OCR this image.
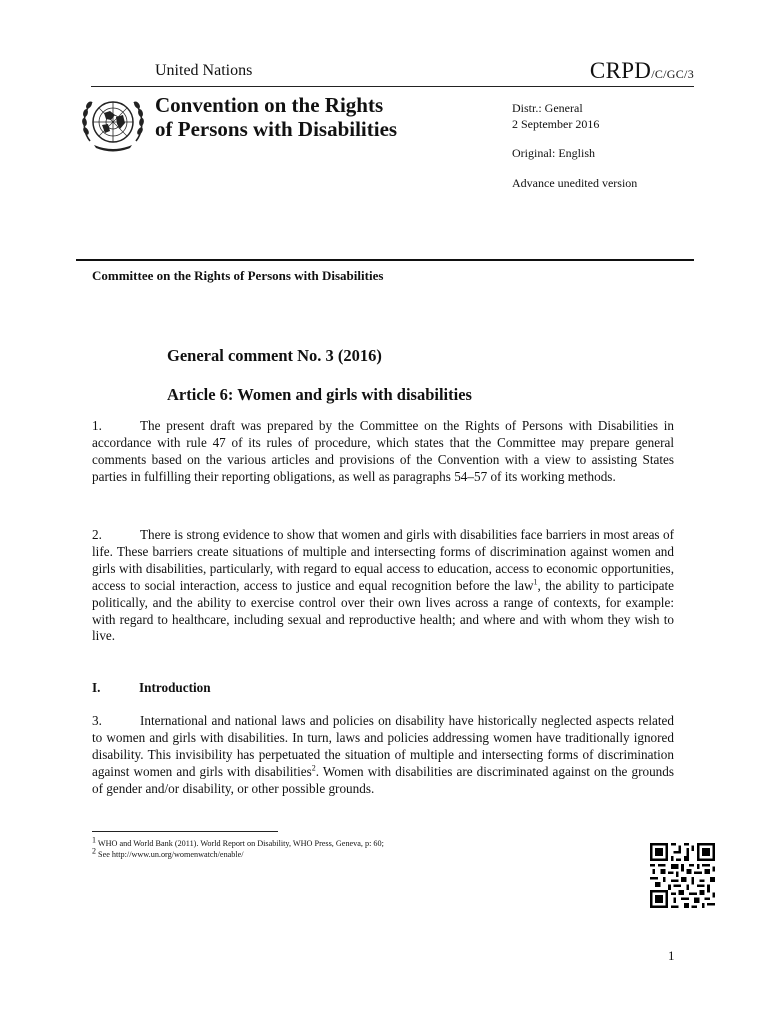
United Nations	CRPD/C/GC/3
Convention on the Rights
of Persons with Disabilities
Distr.: General
2 September 2016
Original: English
Advance unedited version
Committee on the Rights of Persons with Disabilities
General comment No. 3 (2016)
Article 6: Women and girls with disabilities

1.	The present draft was prepared by the Committee on the Rights of Persons with Disabilities in accordance with rule 47 of its rules of procedure, which states that the Committee may prepare general comments based on the various articles and provisions of the Convention with a view to assisting States parties in fulfilling their reporting obligations, as well as paragraphs 54–57 of its working methods.

2.	There is strong evidence to show that women and girls with disabilities face barriers in most areas of life. These barriers create situations of multiple and intersecting forms of discrimination against women and girls with disabilities, particularly, with regard to equal access to education, access to economic opportunities, access to social interaction, access to justice and equal recognition before the law$^1$, the ability to participate politically, and the ability to exercise control over their own lives across a range of contexts, for example: with regard to healthcare, including sexual and reproductive health; and where and with whom they wish to live.

I.	Introduction

3.	International and national laws and policies on disability have historically neglected aspects related to women and girls with disabilities. In turn, laws and policies addressing women have traditionally ignored disability. This invisibility has perpetuated the situation of multiple and intersecting forms of discrimination against women and girls with disabilities$^2$. Women with disabilities are discriminated against on the grounds of gender and/or disability, or other possible grounds.

$^1$ WHO and World Bank (2011). World Report on Disability, WHO Press, Geneva, p: 60;
$^2$ See http://www.un.org/womenwatch/enable/
1
